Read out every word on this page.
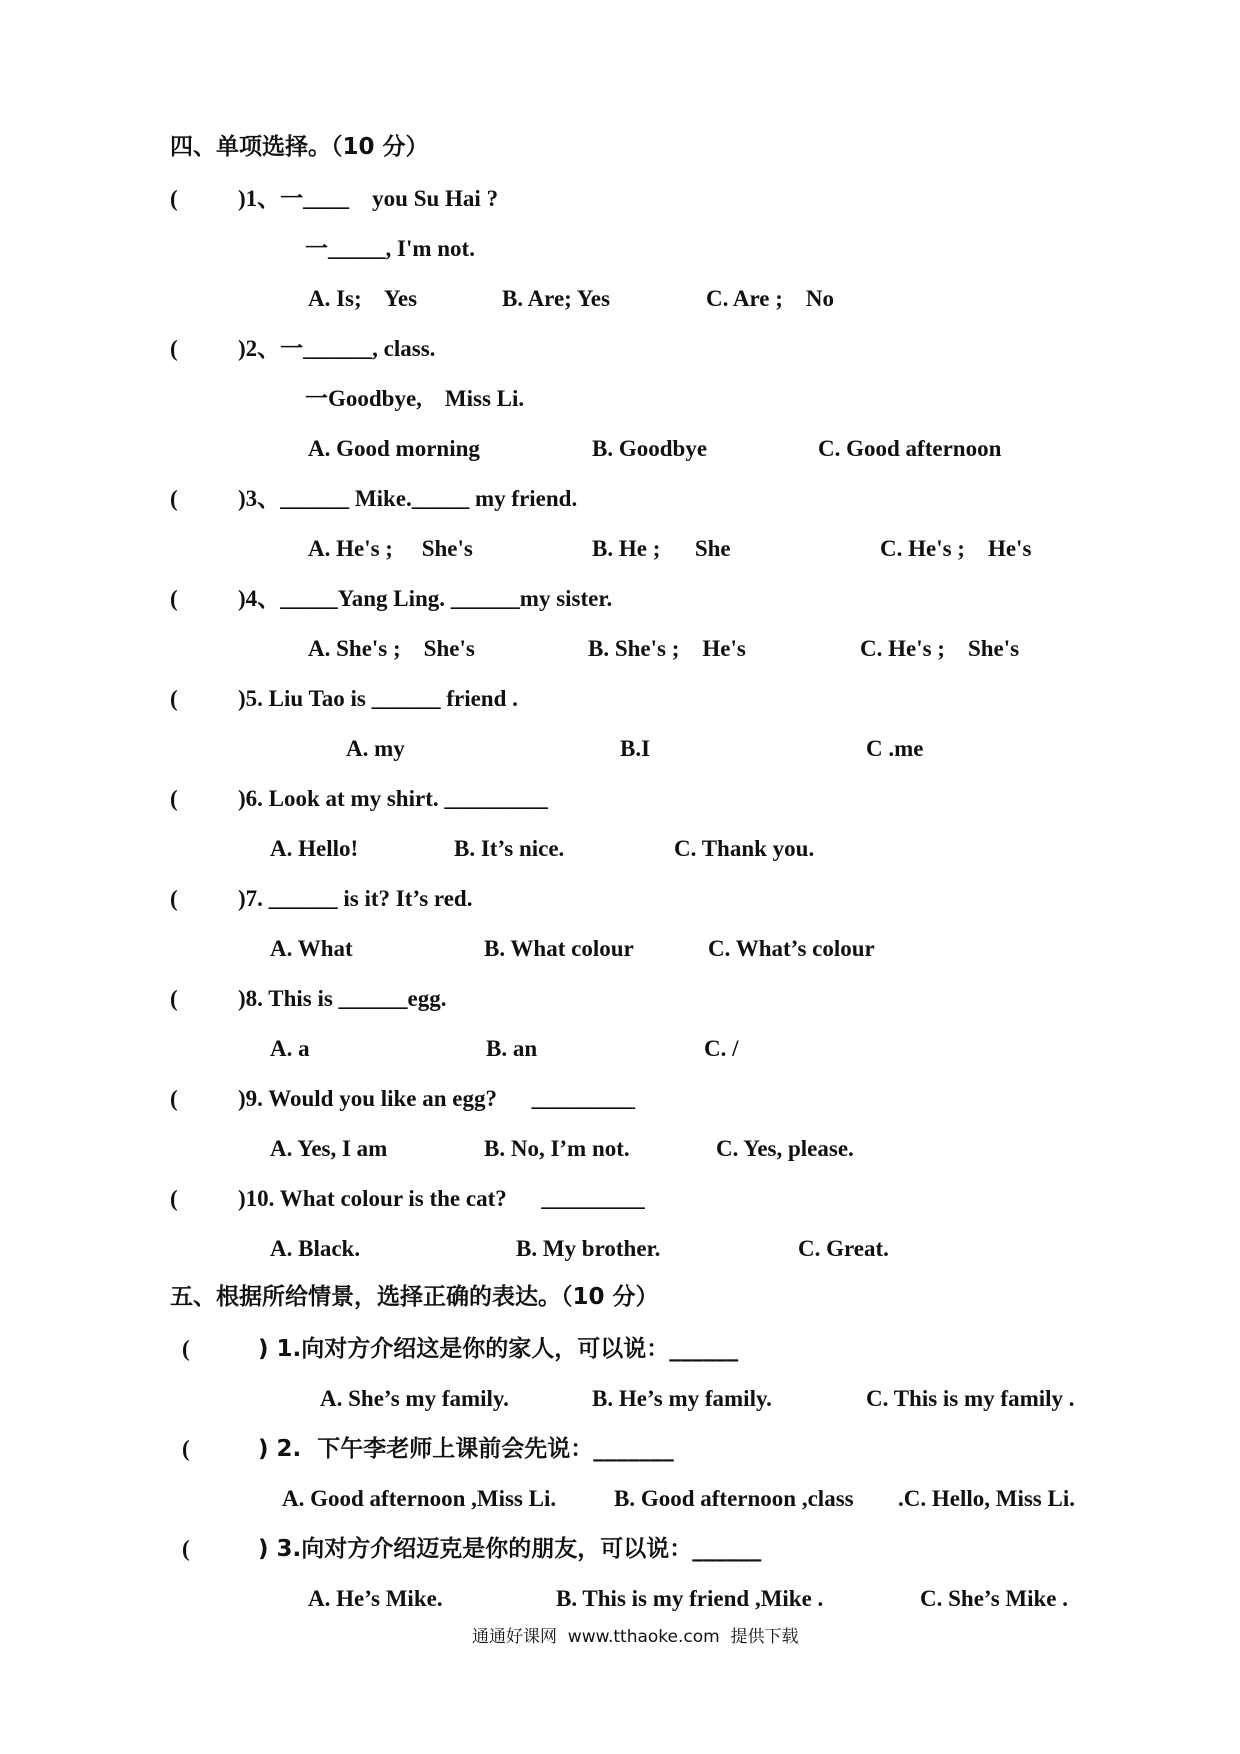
四、单项选择。（10 分）
(	)1、一____    you Su Hai ?
一_____, I'm not.
A. Is;    Yes	B. Are; Yes	C. Are ;    No
(	)2、一______, class.
一Goodbye,    Miss Li.
A. Good morning	B. Goodbye	C. Good afternoon
(	)3、______ Mike._____ my friend.
A. He's ;     She's	B. He ;      She	C. He's ;    He's
(	)4、_____Yang Ling. ______my sister.
A. She's ;    She's	B. She's ;    He's	C. He's ;    She's
(	)5. Liu Tao is ______ friend .
A. my	B.I	C .me
(	)6. Look at my shirt. _________
A. Hello!	B. It’s nice.	C. Thank you.
(	)7. ______ is it? It’s red.
A. What	B. What colour	C. What’s colour
(	)8. This is ______egg.
A. a	B. an	C. /
(	)9. Would you like an egg?      _________
A. Yes, I am	B. No, I’m not.	C. Yes, please.
(	)10. What colour is the cat?      _________
A. Black.	B. My brother.	C. Great.
五、根据所给情景，选择正确的表达。（10 分）
(	) 1.向对方介绍这是你的家人，可以说：______
A. She’s my family.	B. He’s my family.	C. This is my family .
(	) 2.  下午李老师上课前会先说：_______
A. Good afternoon ,Miss Li.	B. Good afternoon ,class .C. Hello, Miss Li.
(	) 3.向对方介绍迈克是你的朋友，可以说：______
A. He’s Mike.	B. This is my friend ,Mike .	C. She’s Mike .
通通好课网  www.tthaoke.com  提供下载
